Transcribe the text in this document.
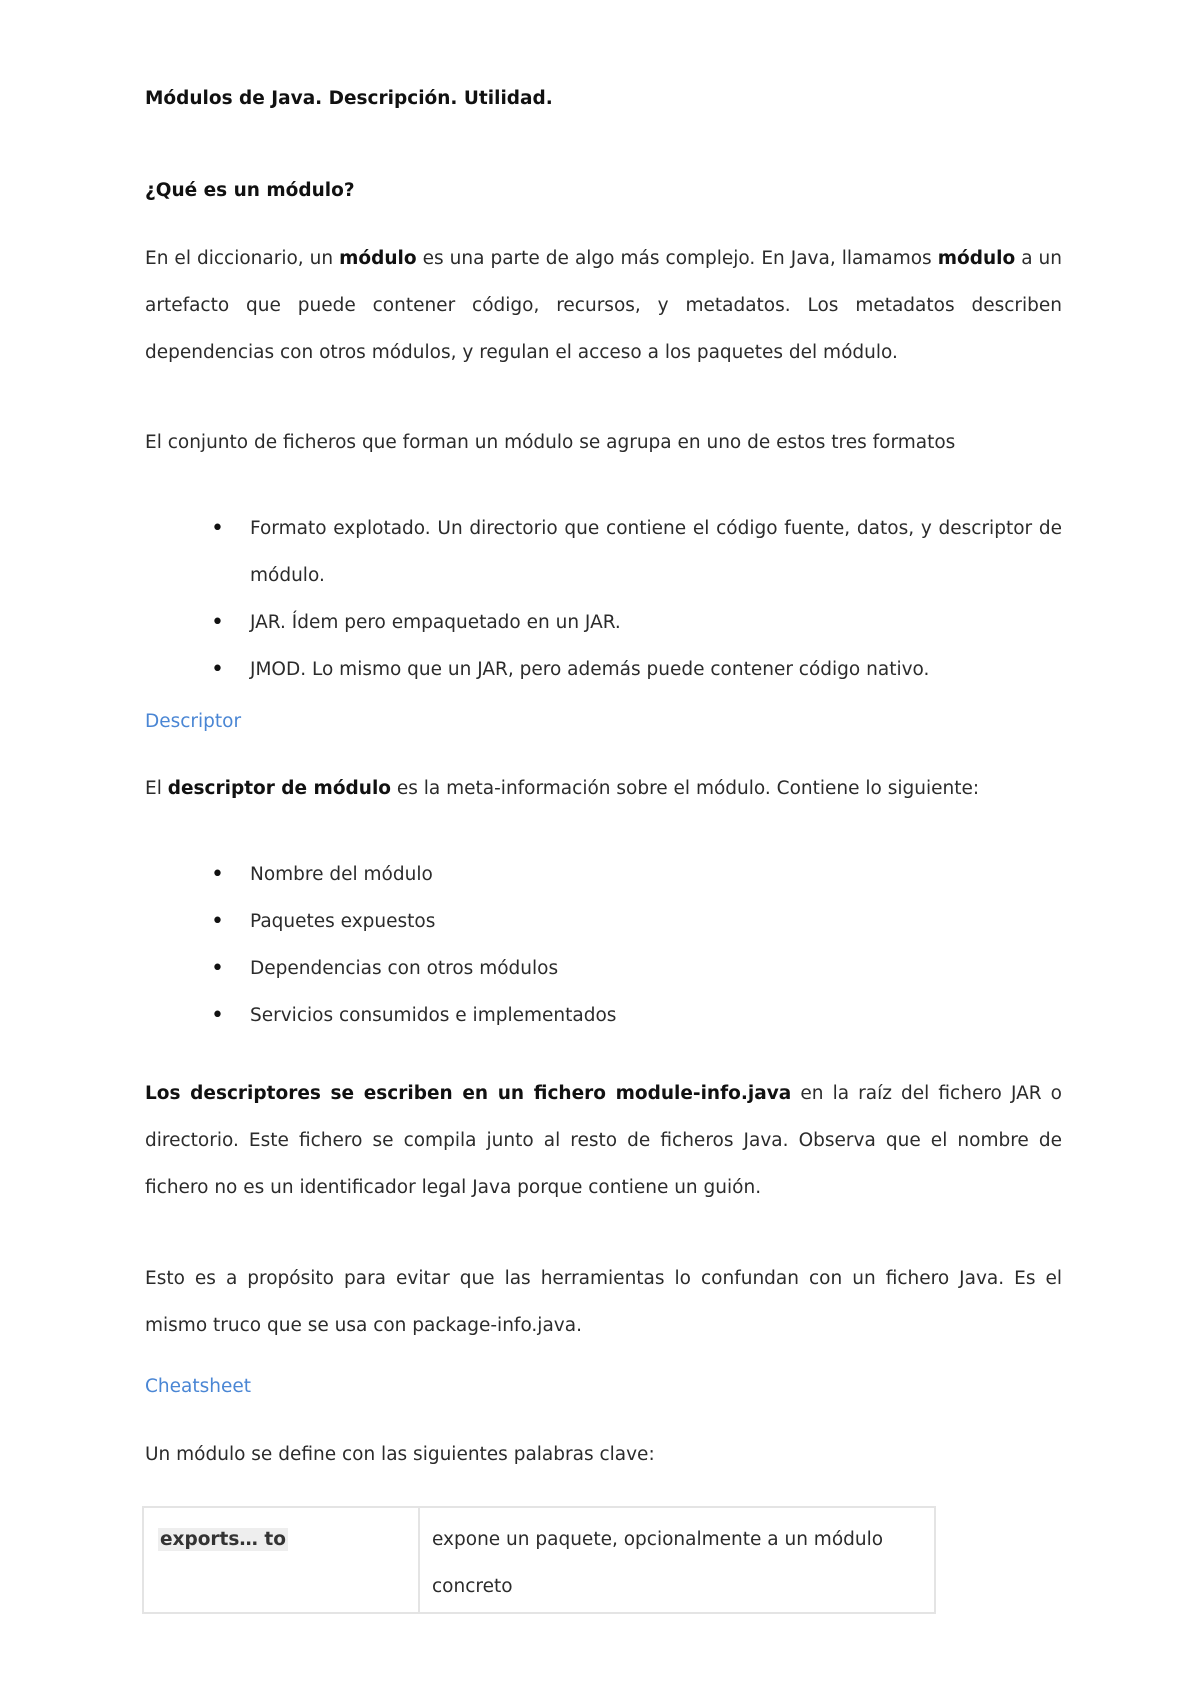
Módulos de Java. Descripción. Utilidad.

¿Qué es un módulo?

En el diccionario, un módulo es una parte de algo más complejo. En Java, llamamos módulo a un artefacto que puede contener código, recursos, y metadatos. Los metadatos describen dependencias con otros módulos, y regulan el acceso a los paquetes del módulo.

El conjunto de ficheros que forman un módulo se agrupa en uno de estos tres formatos

• Formato explotado. Un directorio que contiene el código fuente, datos, y descriptor de módulo.
• JAR. Ídem pero empaquetado en un JAR.
• JMOD. Lo mismo que un JAR, pero además puede contener código nativo.

Descriptor

El descriptor de módulo es la meta-información sobre el módulo. Contiene lo siguiente:

• Nombre del módulo
• Paquetes expuestos
• Dependencias con otros módulos
• Servicios consumidos e implementados

Los descriptores se escriben en un fichero module-info.java en la raíz del fichero JAR o directorio. Este fichero se compila junto al resto de ficheros Java. Observa que el nombre de fichero no es un identificador legal Java porque contiene un guión.

Esto es a propósito para evitar que las herramientas lo confundan con un fichero Java. Es el mismo truco que se usa con package-info.java.

Cheatsheet

Un módulo se define con las siguientes palabras clave:

exports… to	expone un paquete, opcionalmente a un módulo concreto
